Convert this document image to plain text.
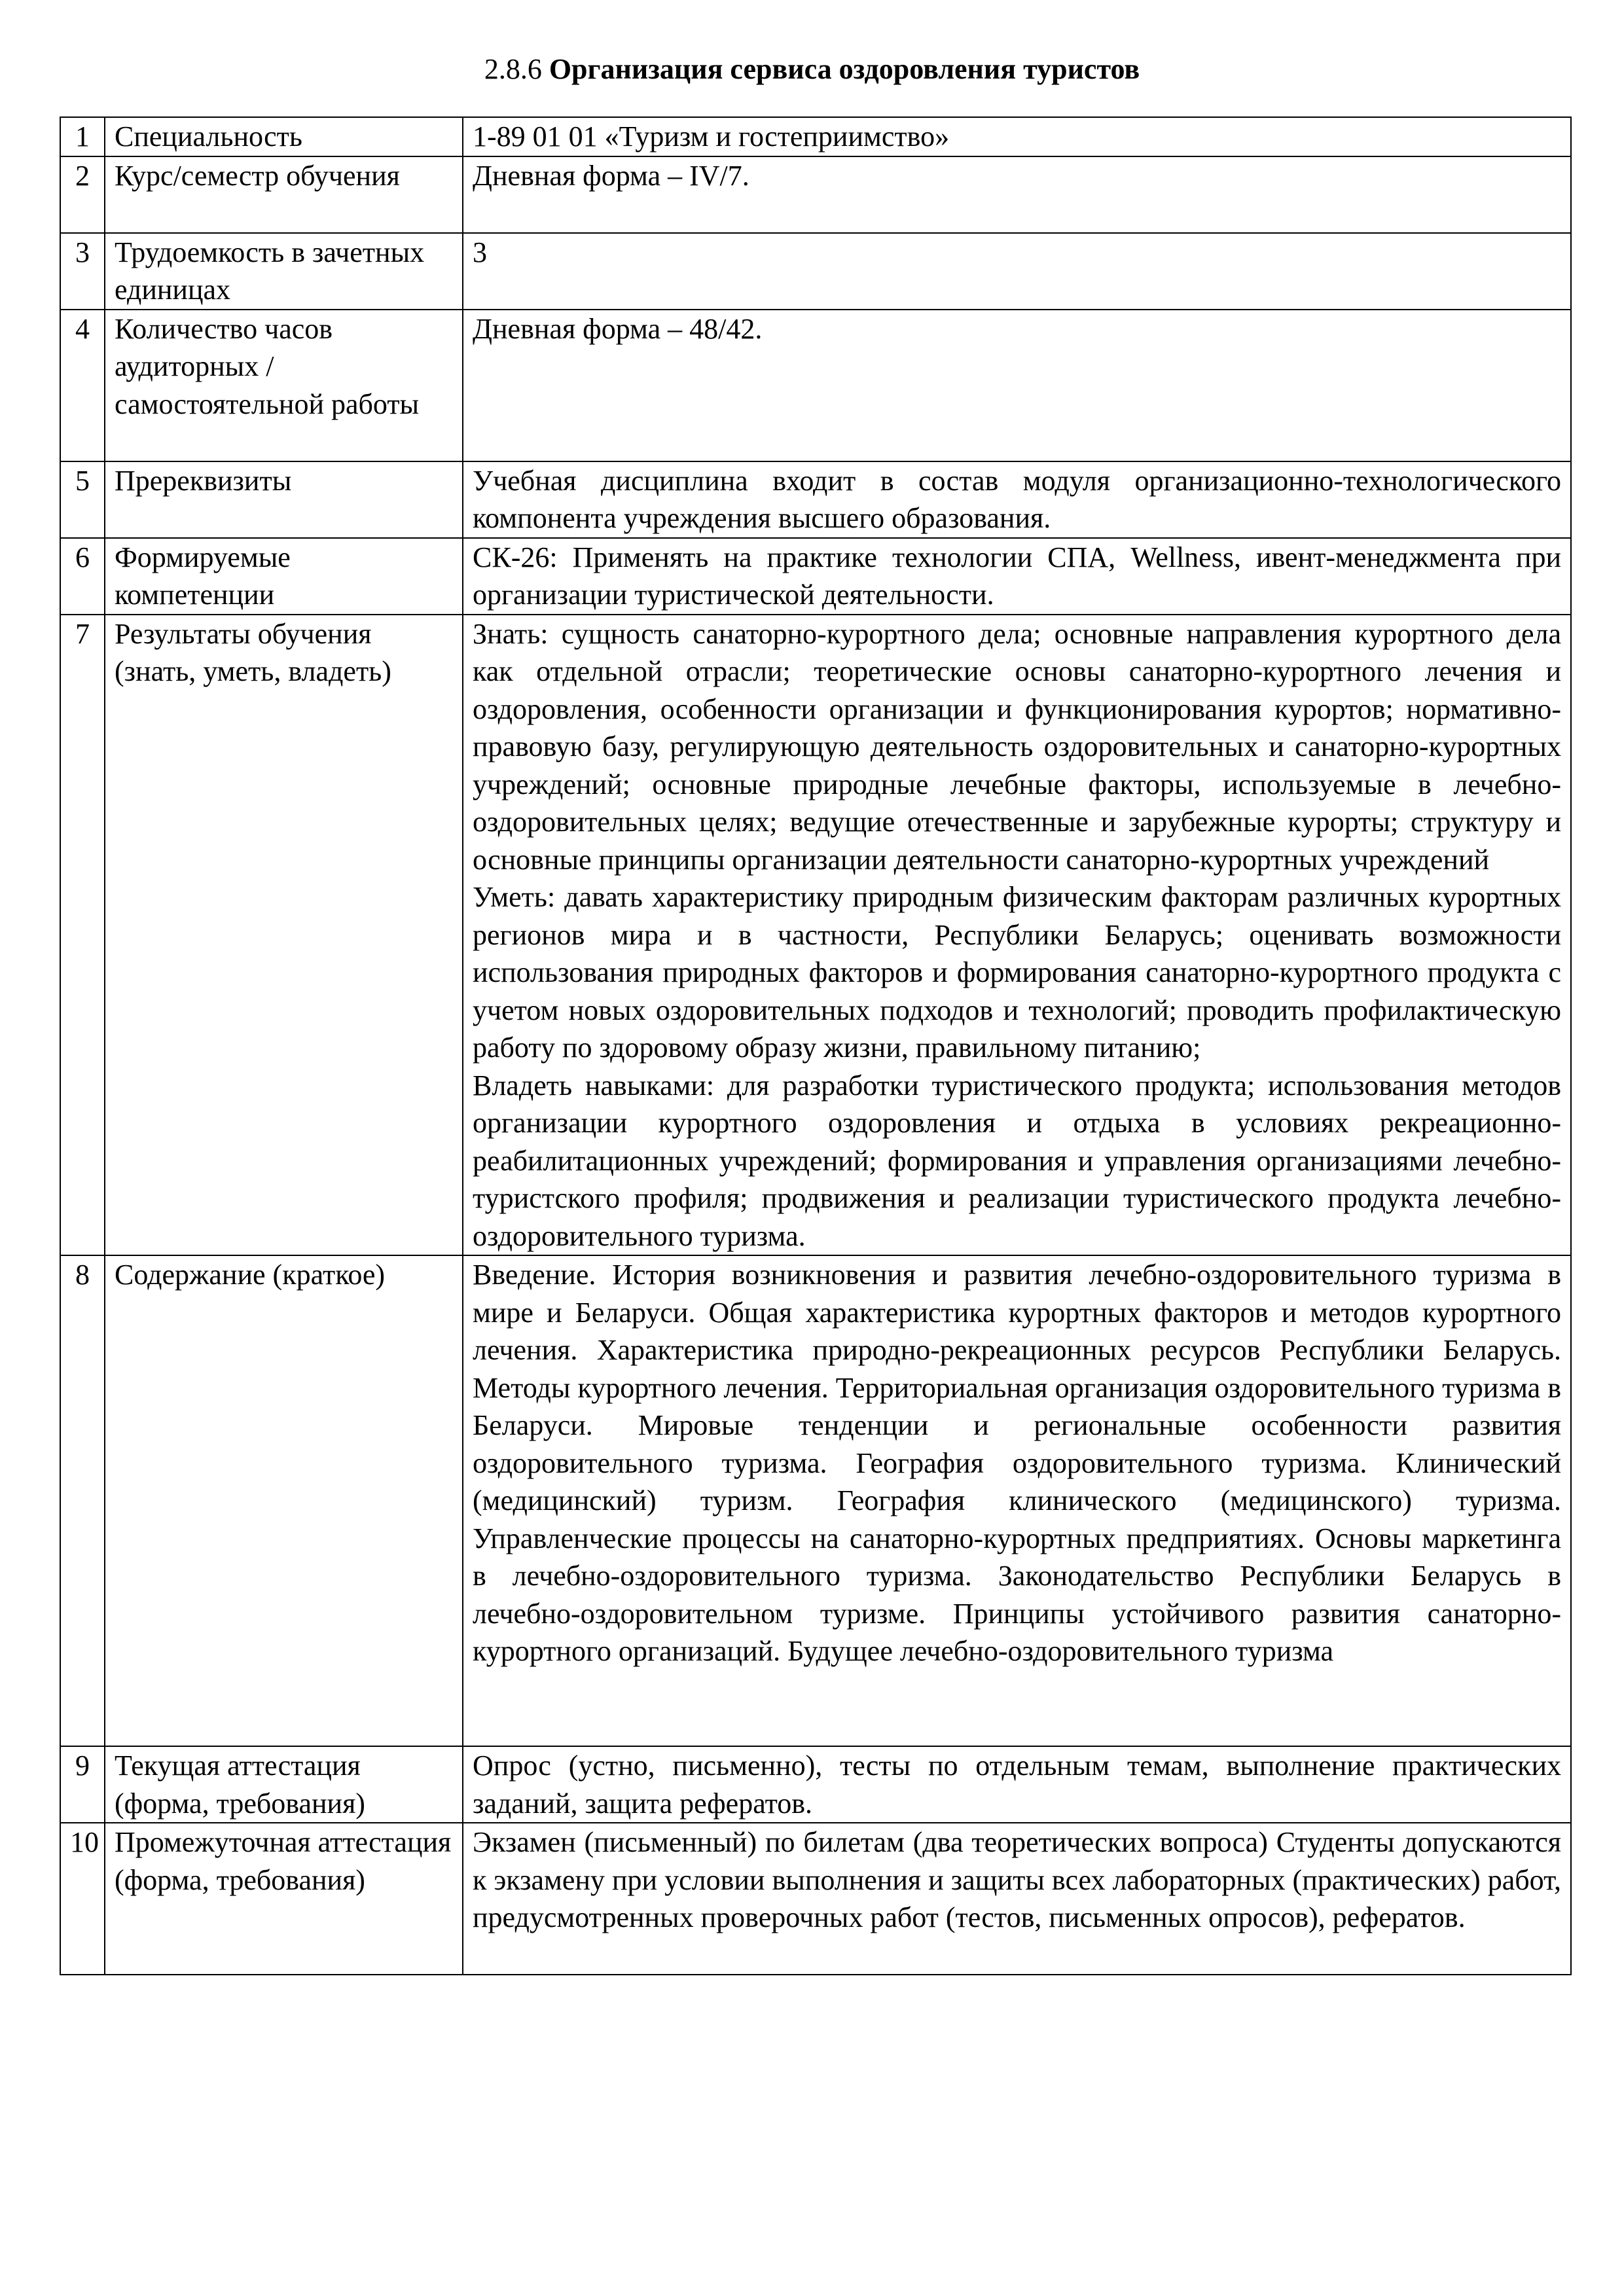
2.8.6 Организация сервиса оздоровления туристов
1	Специальность	1-89 01 01 «Туризм и гостеприимство»

2	Курс/семестр обучения	Дневная форма – IV/7.

3	Трудоемкость в зачетных единицах	3

4	Количество часов аудиторных / самостоятельной работы	Дневная форма – 48/42.

5	Пререквизиты	Учебная дисциплина входит в состав модуля организационно-технологического компонента учреждения высшего образования.

6	Формируемые компетенции	СК-26: Применять на практике технологии СПА, Wellness, ивент-менеджмента при организации туристической деятельности.

7	Результаты обучения (знать, уметь, владеть)	Знать: сущность санаторно-курортного дела; основные направления курортного дела как отдельной отрасли; теоретические основы санаторно-курортного лечения и оздоровления, особенности организации и функционирования курортов; нормативно-правовую базу, регулирующую деятельность оздоровительных и санаторно-курортных учреждений; основные природные лечебные факторы, используемые в лечебно-оздоровительных целях; ведущие отечественные и зарубежные курорты; структуру и основные принципы организации деятельности санаторно-курортных учреждений
Уметь: давать характеристику природным физическим факторам различных курортных регионов мира и в частности, Республики Беларусь; оценивать возможности использования природных факторов и формирования санаторно-курортного продукта с учетом новых оздоровительных подходов и технологий; проводить профилактическую работу по здоровому образу жизни, правильному питанию;
Владеть навыками: для разработки туристического продукта; использования методов организации курортного оздоровления и отдыха в условиях рекреационно-реабилитационных учреждений; формирования и управления организациями лечебно-туристского профиля; продвижения и реализации туристического продукта лечебно-оздоровительного туризма.

8	Содержание (краткое)	Введение. История возникновения и развития лечебно-оздоровительного туризма в мире и Беларуси. Общая характеристика курортных факторов и методов курортного лечения. Характеристика природно-рекреационных ресурсов Республики Беларусь. Методы курортного лечения. Территориальная организация оздоровительного туризма в Беларуси. Мировые тенденции и региональные особенности развития оздоровительного туризма. География оздоровительного туризма. Клинический (медицинский) туризм. География клинического (медицинского) туризма. Управленческие процессы на санаторно-курортных предприятиях. Основы маркетинга в лечебно-оздоровительного туризма. Законодательство Республики Беларусь в лечебно-оздоровительном туризме. Принципы устойчивого развития санаторно-курортного организаций. Будущее лечебно-оздоровительного туризма

9	Текущая аттестация (форма, требования)	Опрос (устно, письменно), тесты по отдельным темам, выполнение практических заданий, защита рефератов.

10	Промежуточная аттестация (форма, требования)	Экзамен (письменный) по билетам (два теоретических вопроса) Студенты допускаются к экзамену при условии выполнения и защиты всех лабораторных (практических) работ, предусмотренных проверочных работ (тестов, письменных опросов), рефератов.
